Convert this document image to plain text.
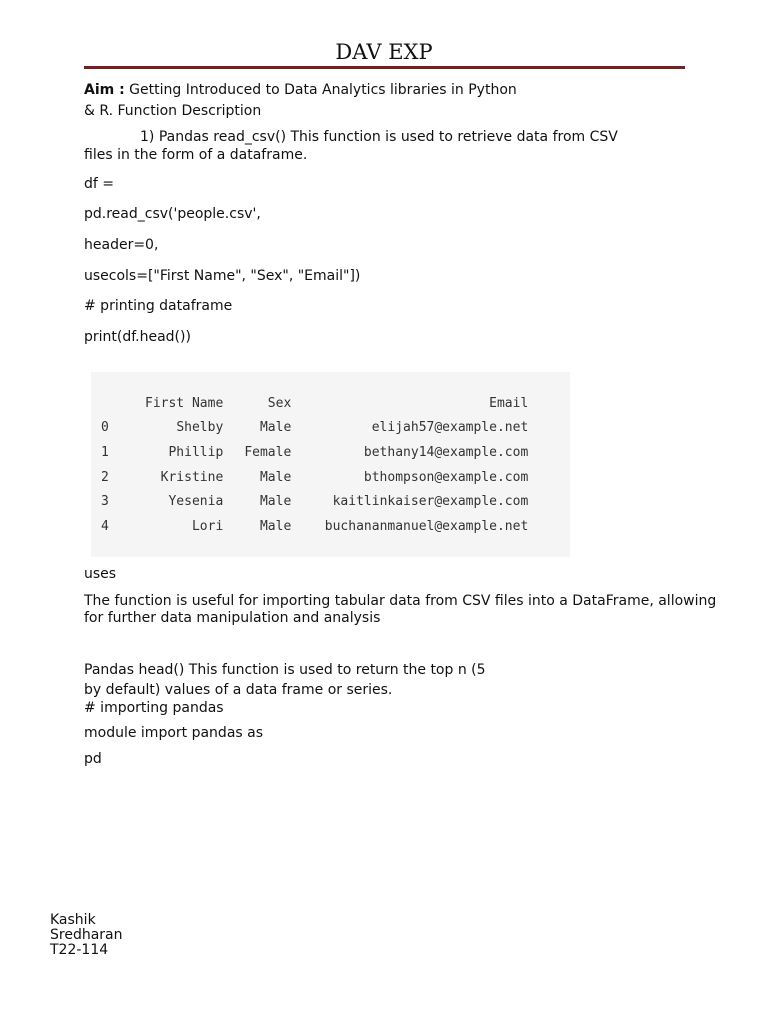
DAV EXP
Aim : Getting Introduced to Data Analytics libraries in Python
& R. Function Description
1) Pandas read_csv() This function is used to retrieve data from CSV
files in the form of a dataframe.
df =
pd.read_csv('people.csv',
header=0,
usecols=["First Name", "Sex", "Email"])
# printing dataframe
print(df.head())
	First Name	Sex	Email
0	Shelby	Male	elijah57@example.net
1	Phillip	Female	bethany14@example.com
2	Kristine	Male	bthompson@example.com
3	Yesenia	Male	kaitlinkaiser@example.com
4	Lori	Male	buchananmanuel@example.net
uses
The function is useful for importing tabular data from CSV files into a DataFrame, allowing
for further data manipulation and analysis
Pandas head() This function is used to return the top n (5
by default) values of a data frame or series.
# importing pandas
module import pandas as
pd
Kashik
Sredharan
T22-114
